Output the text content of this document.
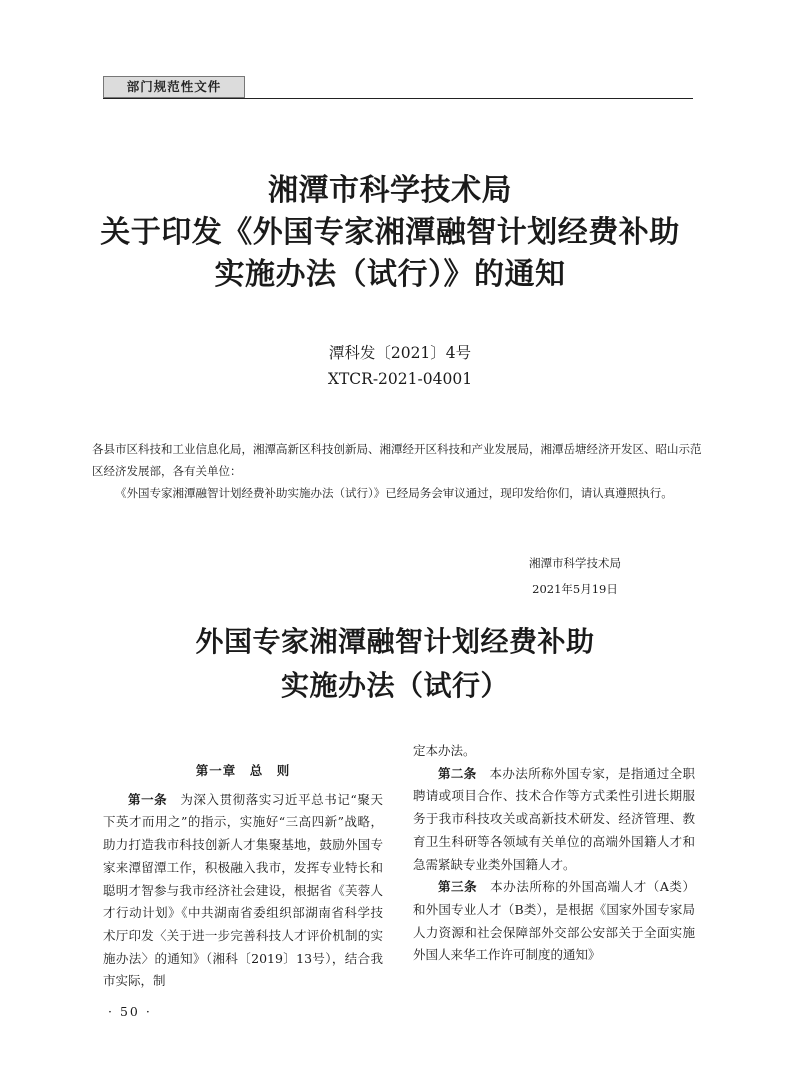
部门规范性文件
湘潭市科学技术局
关于印发《外国专家湘潭融智计划经费补助
实施办法（试行）》的通知
潭科发〔2021〕4号
XTCR-2021-04001

各县市区科技和工业信息化局，湘潭高新区科技创新局、湘潭经开区科技和产业发展局，湘潭岳塘经济开发区、昭山示范区经济发展部，各有关单位：

《外国专家湘潭融智计划经费补助实施办法（试行）》已经局务会审议通过，现印发给你们，请认真遵照执行。

湘潭市科学技术局
2021年5月19日
外国专家湘潭融智计划经费补助
实施办法（试行）

第一章　总　则

第一条　 为深入贯彻落实习近平总书记“聚天下英才而用之”的指示，实施好“三高四新”战略，助力打造我市科技创新人才集聚基地，鼓励外国专家来潭留潭工作，积极融入我市，发挥专业特长和聪明才智参与我市经济社会建设，根据省《芙蓉人才行动计划》《中共湖南省委组织部湖南省科学技术厅印发〈关于进一步完善科技人才评价机制的实施办法〉的通知》（湘科〔2019〕13号），结合我市实际，制

定本办法。

第二条　 本办法所称外国专家，是指通过全职聘请或项目合作、技术合作等方式柔性引进长期服务于我市科技攻关或高新技术研发、经济管理、教育卫生科研等各领域有关单位的高端外国籍人才和急需紧缺专业类外国籍人才。

第三条　 本办法所称的外国高端人才（A类）和外国专业人才（B类），是根据《国家外国专家局人力资源和社会保障部外交部公安部关于全面实施外国人来华工作许可制度的通知》

· 50 ·
